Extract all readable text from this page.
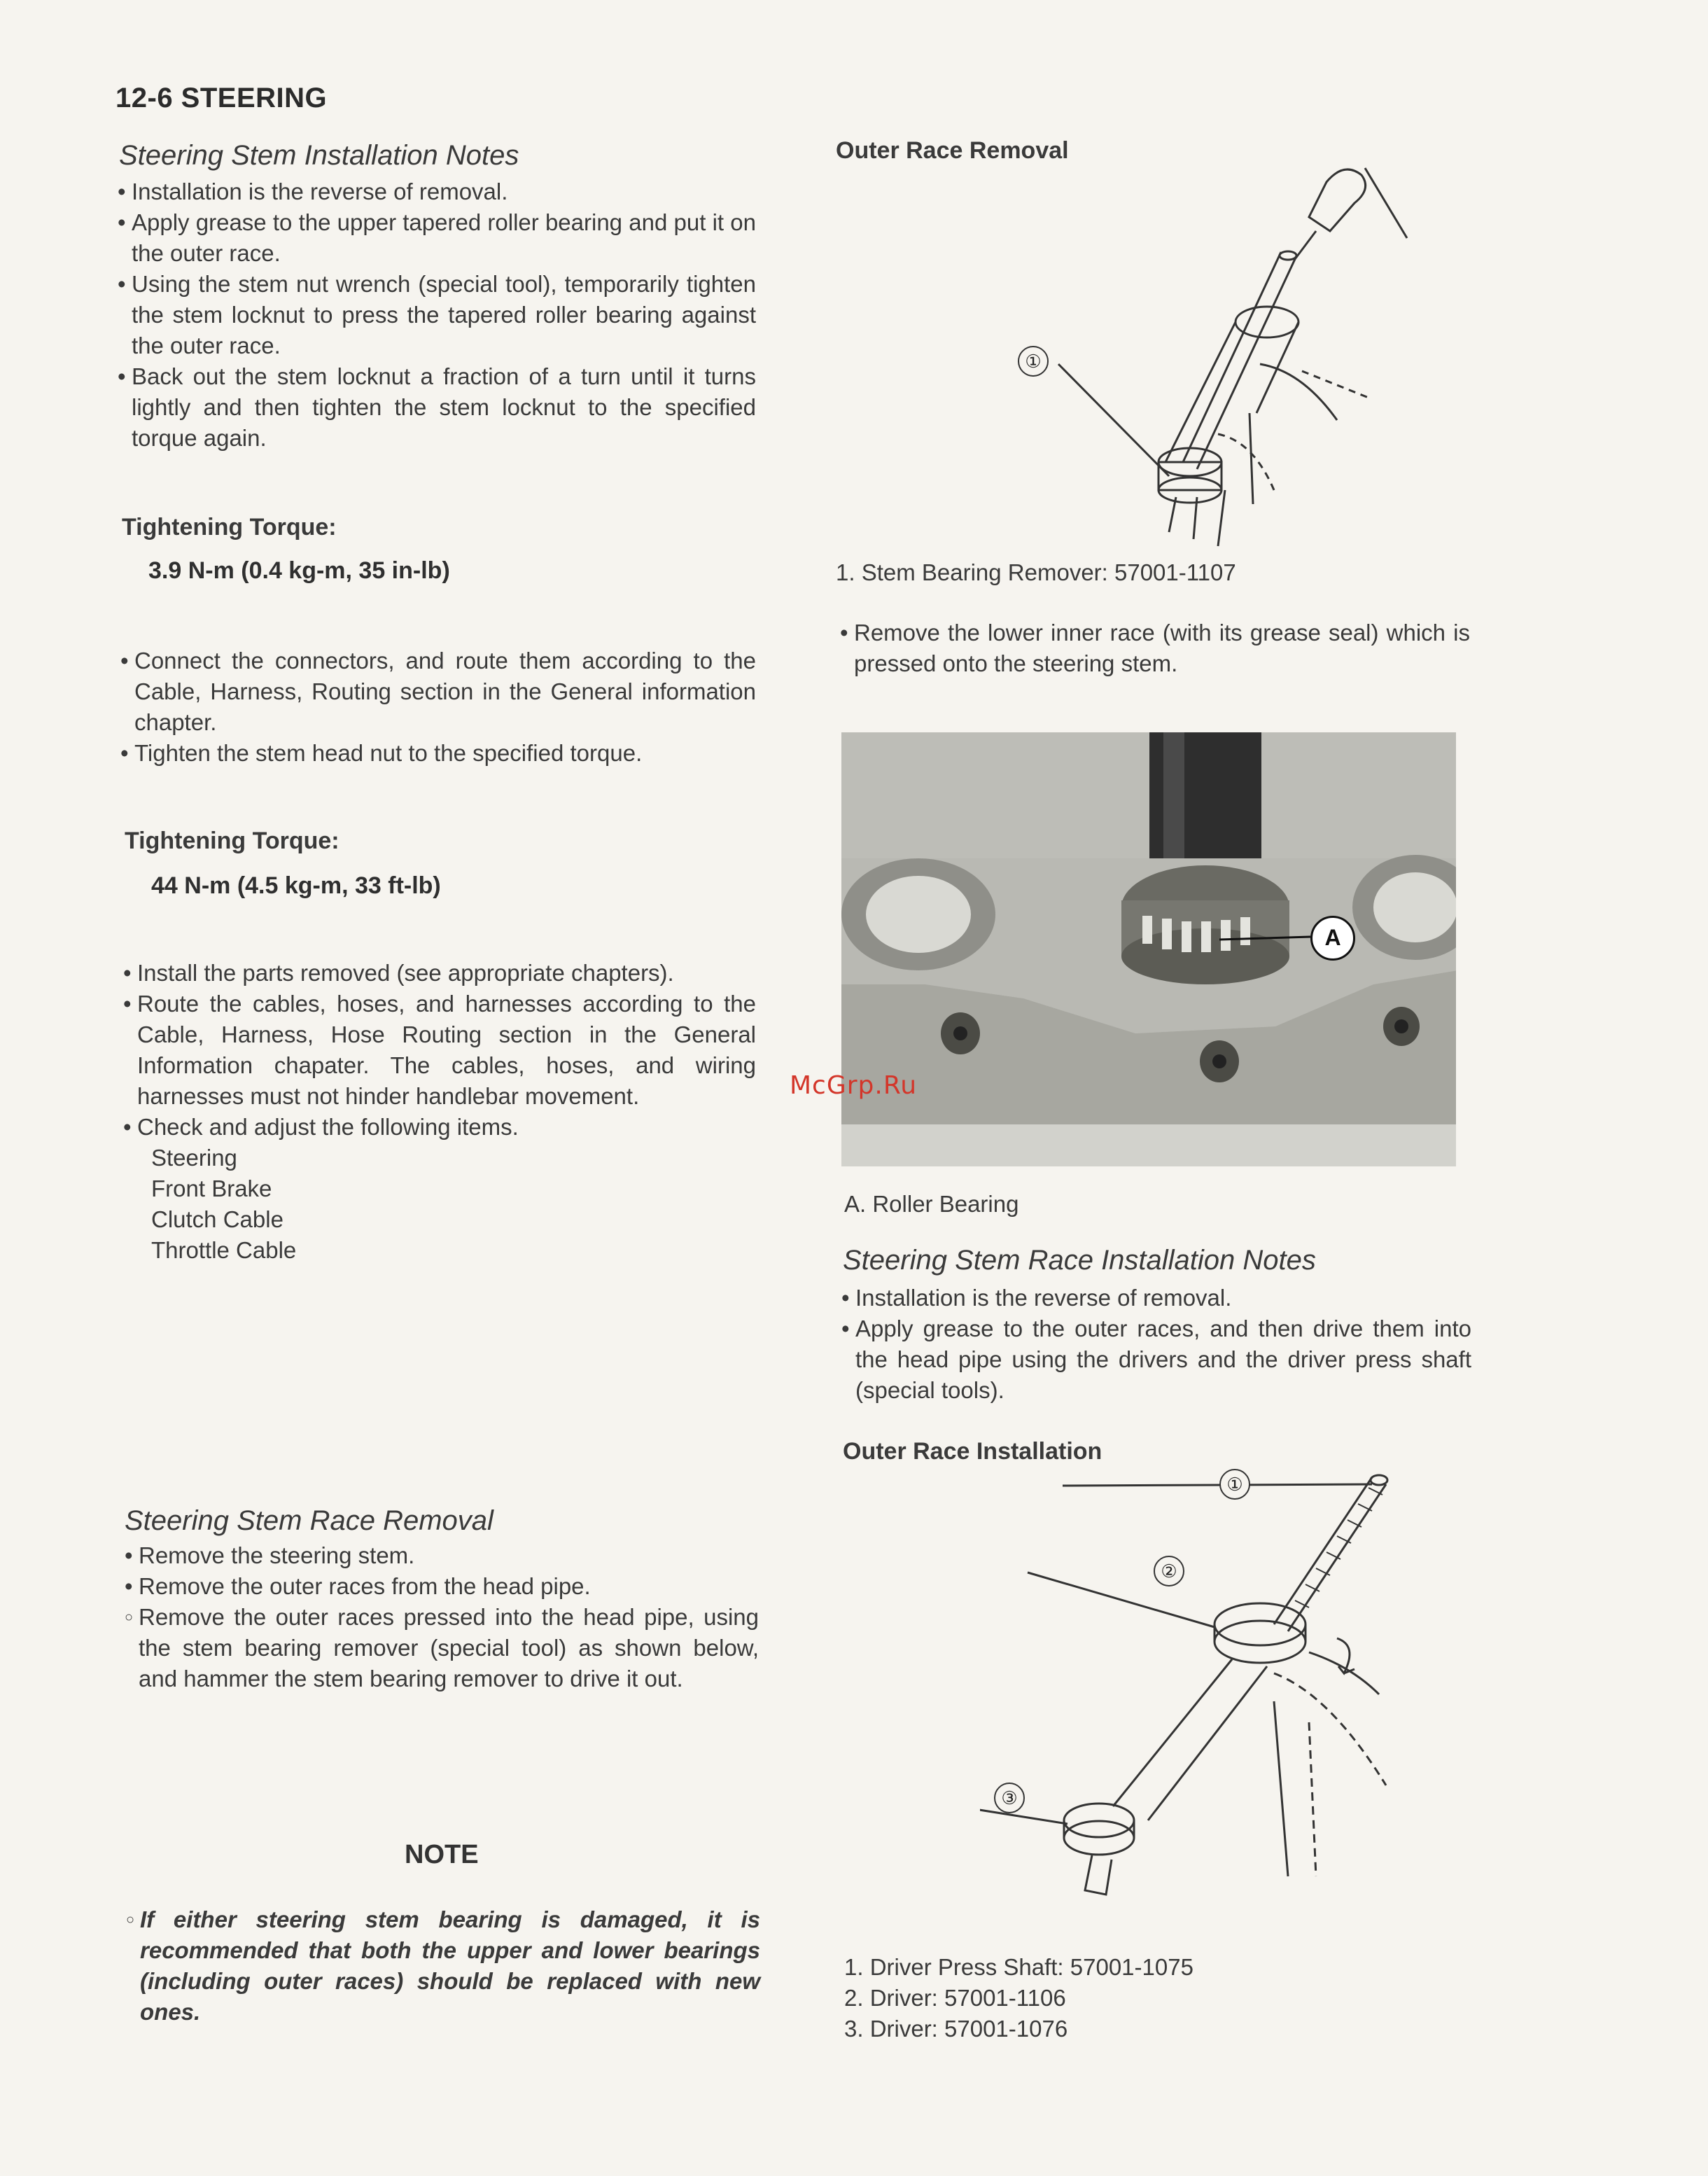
12-6 STEERING
Steering Stem Installation Notes
•
Installation is the reverse of removal.
•
Apply grease to the upper tapered roller bearing and put it on the outer race.
•
Using the stem nut wrench (special tool), temporarily tighten the stem locknut to press the tapered roller bearing against the outer race.
•
Back out the stem locknut a fraction of a turn until it turns lightly and then tighten the stem locknut to the specified torque again.
Tightening Torque:
3.9 N-m (0.4 kg-m, 35 in-lb)
•
Connect the connectors, and route them according to the Cable, Harness, Routing section in the General information chapter.
•
Tighten the stem head nut to the specified torque.
Tightening Torque:
44 N-m (4.5 kg-m, 33 ft-lb)
•
Install the parts removed (see appropriate chapters).
•
Route the cables, hoses, and harnesses according to the Cable, Harness, Hose Routing section in the General Information chapater. The cables, hoses, and wiring harnesses must not hinder handlebar movement.
•
Check and adjust the following items.
Steering
Front Brake
Clutch Cable
Throttle Cable
Steering Stem Race Removal
•
Remove the steering stem.
•
Remove the outer races from the head pipe.
○
Remove the outer races pressed into the head pipe, using the stem bearing remover (special tool) as shown below, and hammer the stem bearing remover to drive it out.
NOTE
○
If either steering stem bearing is damaged, it is recommended that both the upper and lower bearings (including outer races) should be replaced with new ones.
Outer Race Removal
①
1. Stem Bearing Remover: 57001-1107
•
Remove the lower inner race (with its grease seal) which is pressed onto the steering stem.
A
McGrp.Ru
A. Roller Bearing
Steering Stem Race Installation Notes
•
Installation is the reverse of removal.
•
Apply grease to the outer races, and then drive them into the head pipe using the drivers and the driver press shaft (special tools).
Outer Race Installation
①
②
③
1. Driver Press Shaft: 57001-1075
2. Driver: 57001-1106
3. Driver: 57001-1076
